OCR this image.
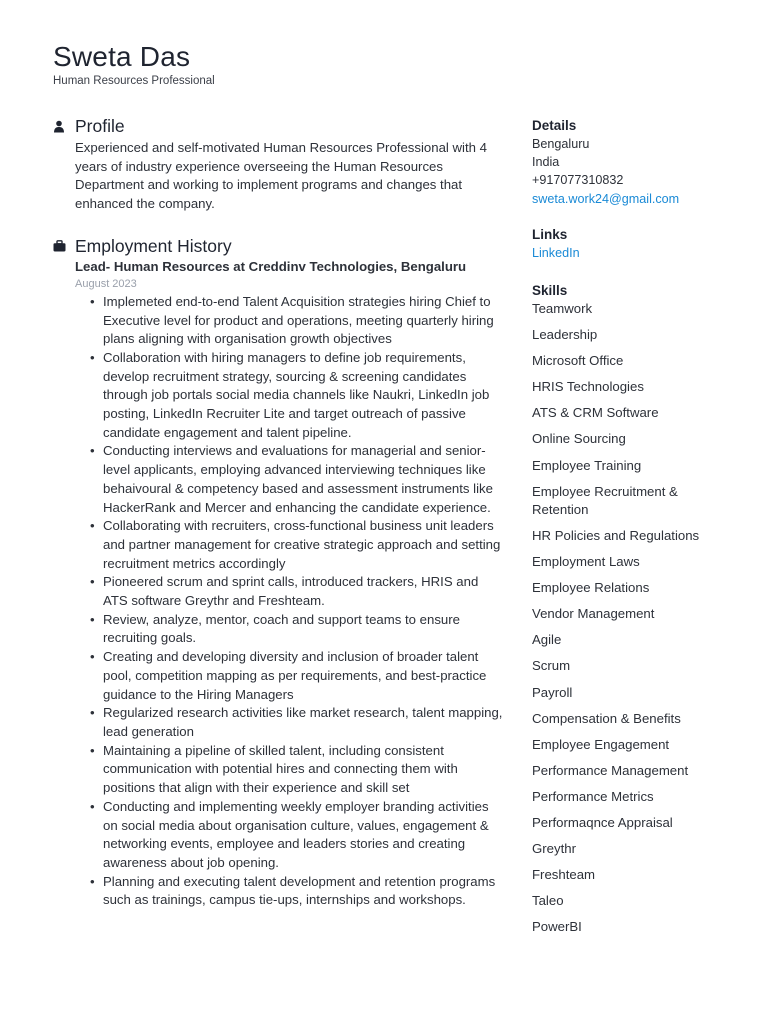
Sweta Das
Human Resources Professional
Profile
Experienced and self-motivated Human Resources Professional with 4 years of industry experience overseeing the Human Resources Department and working to implement programs and changes that enhanced the company.
Employment History
Lead- Human Resources at Creddinv Technologies, Bengaluru
August 2023
• Implemeted end-to-end Talent Acquisition strategies hiring Chief to Executive level for product and operations, meeting quarterly hiring plans aligning with organisation growth objectives
• Collaboration with hiring managers to define job requirements, develop recruitment strategy, sourcing & screening candidates through job portals social media channels like Naukri, LinkedIn job posting, LinkedIn Recruiter Lite and target outreach of passive candidate engagement and talent pipeline.
• Conducting interviews and evaluations for managerial and senior-level applicants, employing advanced interviewing techniques like behaivoural & competency based and assessment instruments like HackerRank and Mercer and enhancing the candidate experience.
• Collaborating with recruiters, cross-functional business unit leaders and partner management for creative strategic approach and setting recruitment metrics accordingly
• Pioneered scrum and sprint calls, introduced trackers, HRIS and ATS software Greythr and Freshteam.
• Review, analyze, mentor, coach and support teams to ensure recruiting goals.
• Creating and developing diversity and inclusion of broader talent pool, competition mapping as per requirements, and best-practice guidance to the Hiring Managers
• Regularized research activities like market research, talent mapping, lead generation
• Maintaining a pipeline of skilled talent, including consistent communication with potential hires and connecting them with positions that align with their experience and skill set
• Conducting and implementing weekly employer branding activities on social media about organisation culture, values, engagement & networking events, employee and leaders stories and creating awareness about job opening.
• Planning and executing talent development and retention programs such as trainings, campus tie-ups, internships and workshops.
Details
Bengaluru
India
+917077310832
sweta.work24@gmail.com
Links
LinkedIn
Skills
Teamwork
Leadership
Microsoft Office
HRIS Technologies
ATS & CRM Software
Online Sourcing
Employee Training
Employee Recruitment & Retention
HR Policies and Regulations
Employment Laws
Employee Relations
Vendor Management
Agile
Scrum
Payroll
Compensation & Benefits
Employee Engagement
Performance Management
Performance Metrics
Performaqnce Appraisal
Greythr
Freshteam
Taleo
PowerBI
